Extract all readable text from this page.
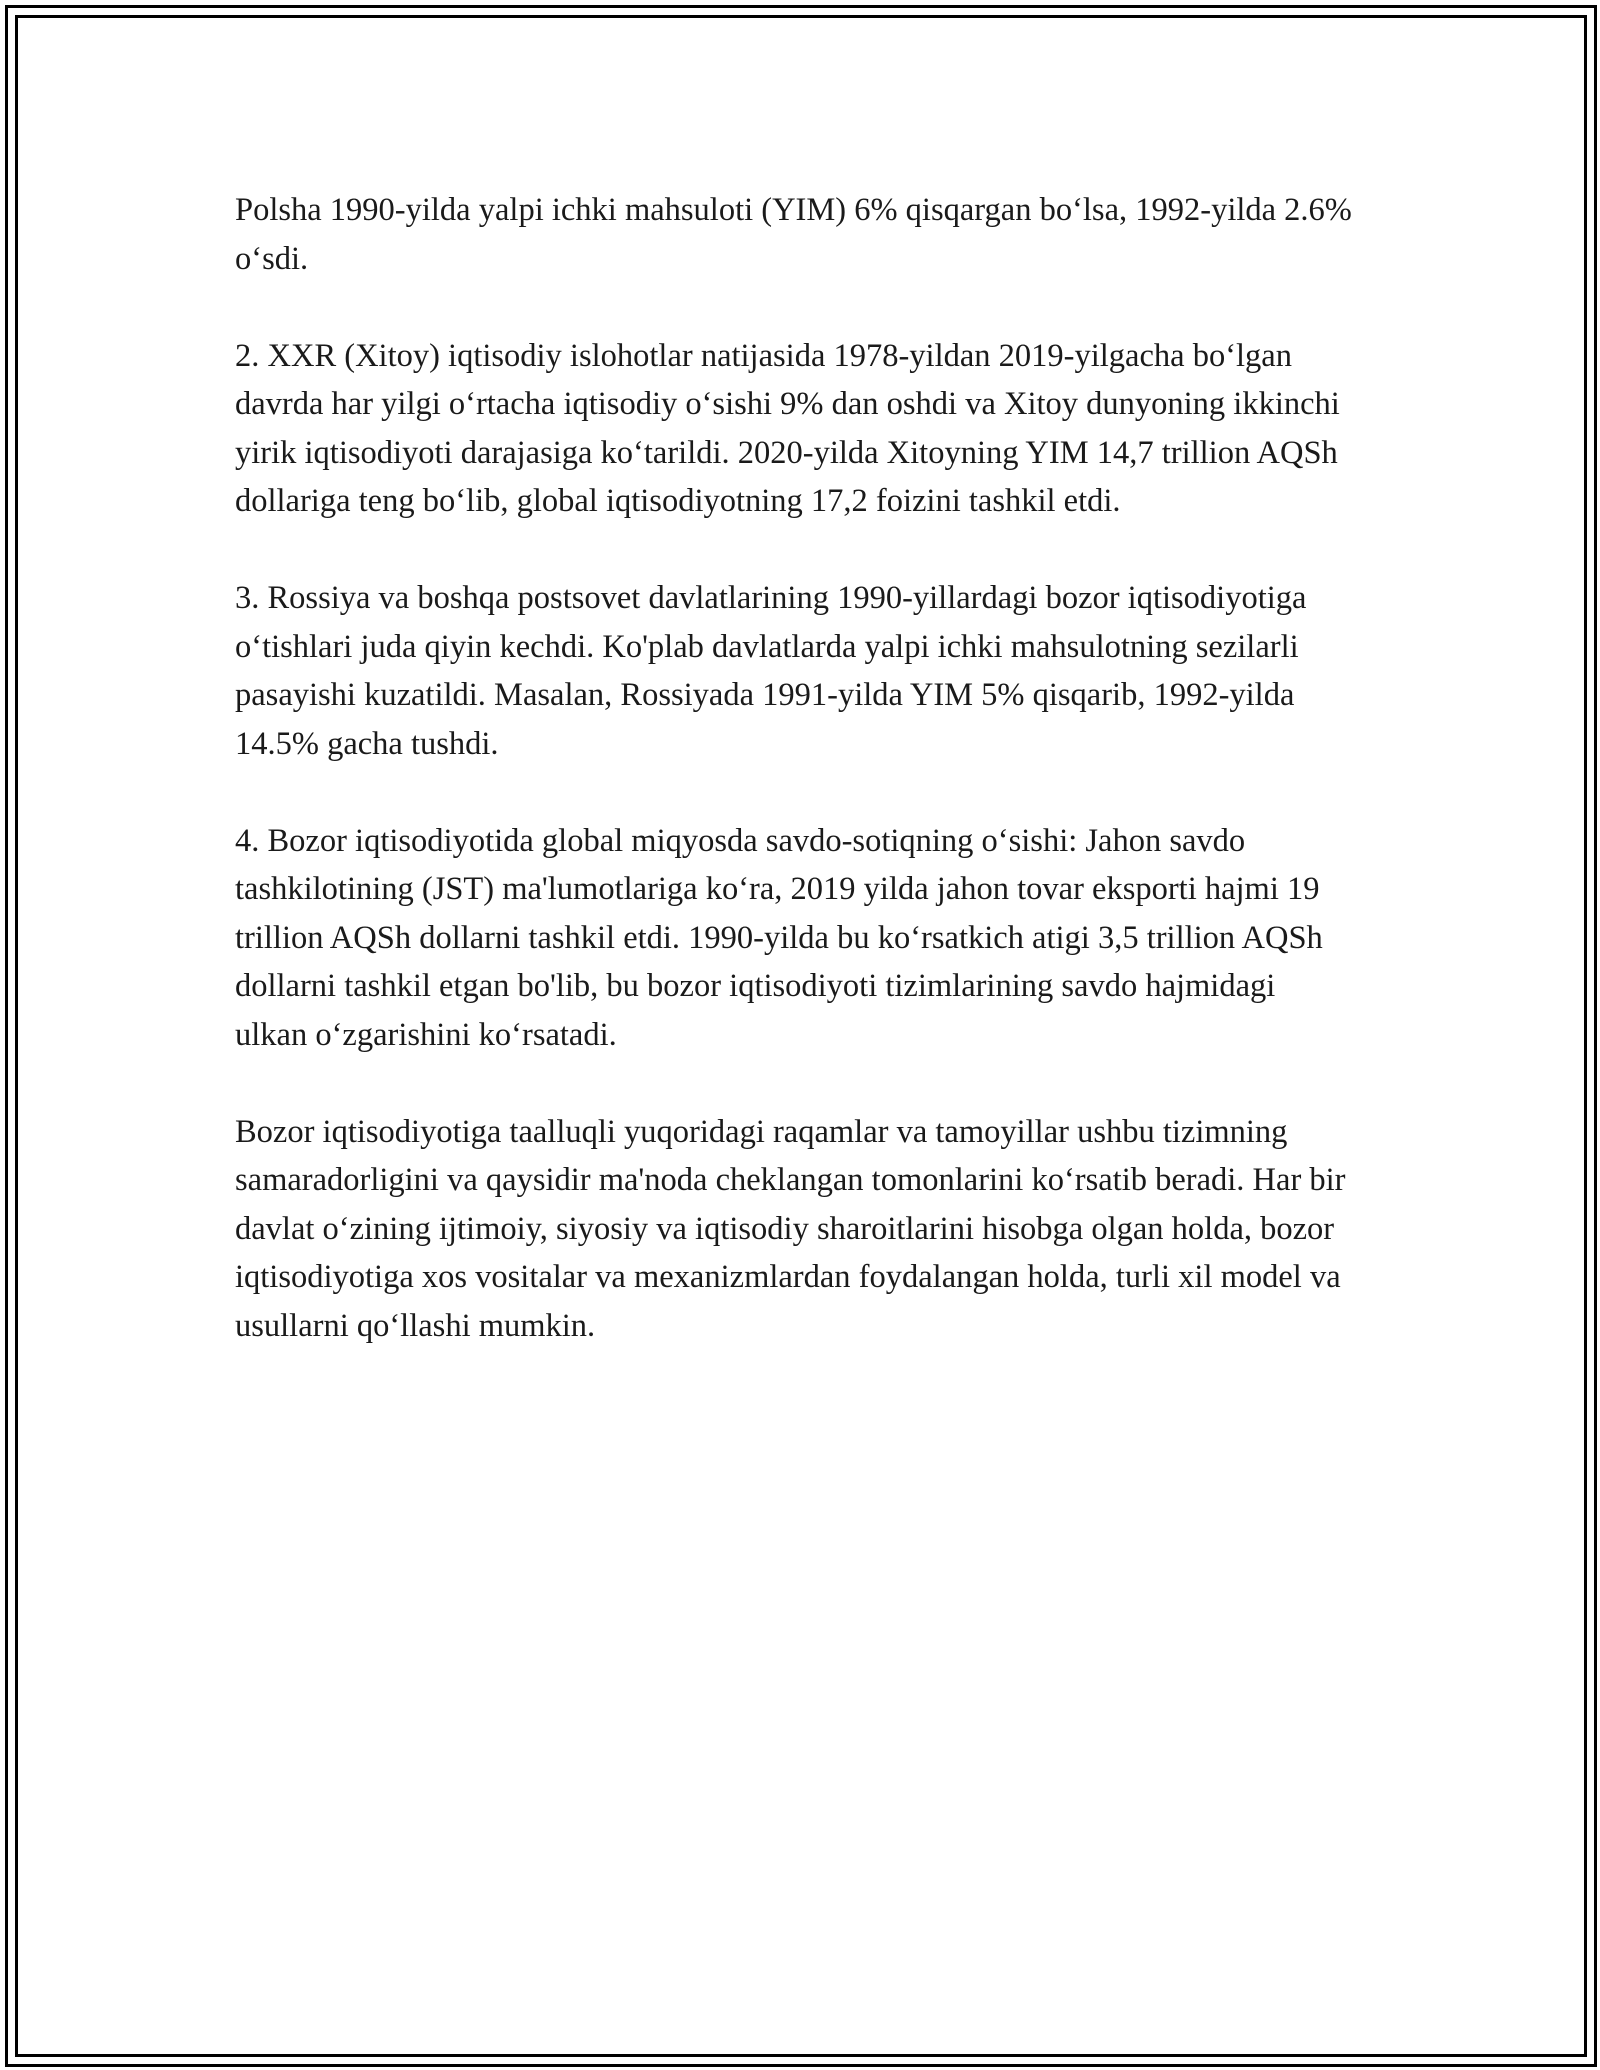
Polsha 1990-yilda yalpi ichki mahsuloti (YIM) 6% qisqargan bo‘lsa, 1992-yilda 2.6% o‘sdi.

2. XXR (Xitoy) iqtisodiy islohotlar natijasida 1978-yildan 2019-yilgacha bo‘lgan davrda har yilgi o‘rtacha iqtisodiy o‘sishi 9% dan oshdi va Xitoy dunyoning ikkinchi yirik iqtisodiyoti darajasiga ko‘tarildi. 2020-yilda Xitoyning YIM 14,7 trillion AQSh dollariga teng bo‘lib, global iqtisodiyotning 17,2 foizini tashkil etdi.

3. Rossiya va boshqa postsovet davlatlarining 1990-yillardagi bozor iqtisodiyotiga o‘tishlari juda qiyin kechdi. Ko'plab davlatlarda yalpi ichki mahsulotning sezilarli pasayishi kuzatildi. Masalan, Rossiyada 1991-yilda YIM 5% qisqarib, 1992-yilda 14.5% gacha tushdi.

4. Bozor iqtisodiyotida global miqyosda savdo-sotiqning o‘sishi: Jahon savdo tashkilotining (JST) ma'lumotlariga ko‘ra, 2019 yilda jahon tovar eksporti hajmi 19 trillion AQSh dollarni tashkil etdi. 1990-yilda bu ko‘rsatkich atigi 3,5 trillion AQSh dollarni tashkil etgan bo'lib, bu bozor iqtisodiyoti tizimlarining savdo hajmidagi ulkan o‘zgarishini ko‘rsatadi.

Bozor iqtisodiyotiga taalluqli yuqoridagi raqamlar va tamoyillar ushbu tizimning samaradorligini va qaysidir ma'noda cheklangan tomonlarini ko‘rsatib beradi. Har bir davlat o‘zining ijtimoiy, siyosiy va iqtisodiy sharoitlarini hisobga olgan holda, bozor iqtisodiyotiga xos vositalar va mexanizmlardan foydalangan holda, turli xil model va usullarni qo‘llashi mumkin.
